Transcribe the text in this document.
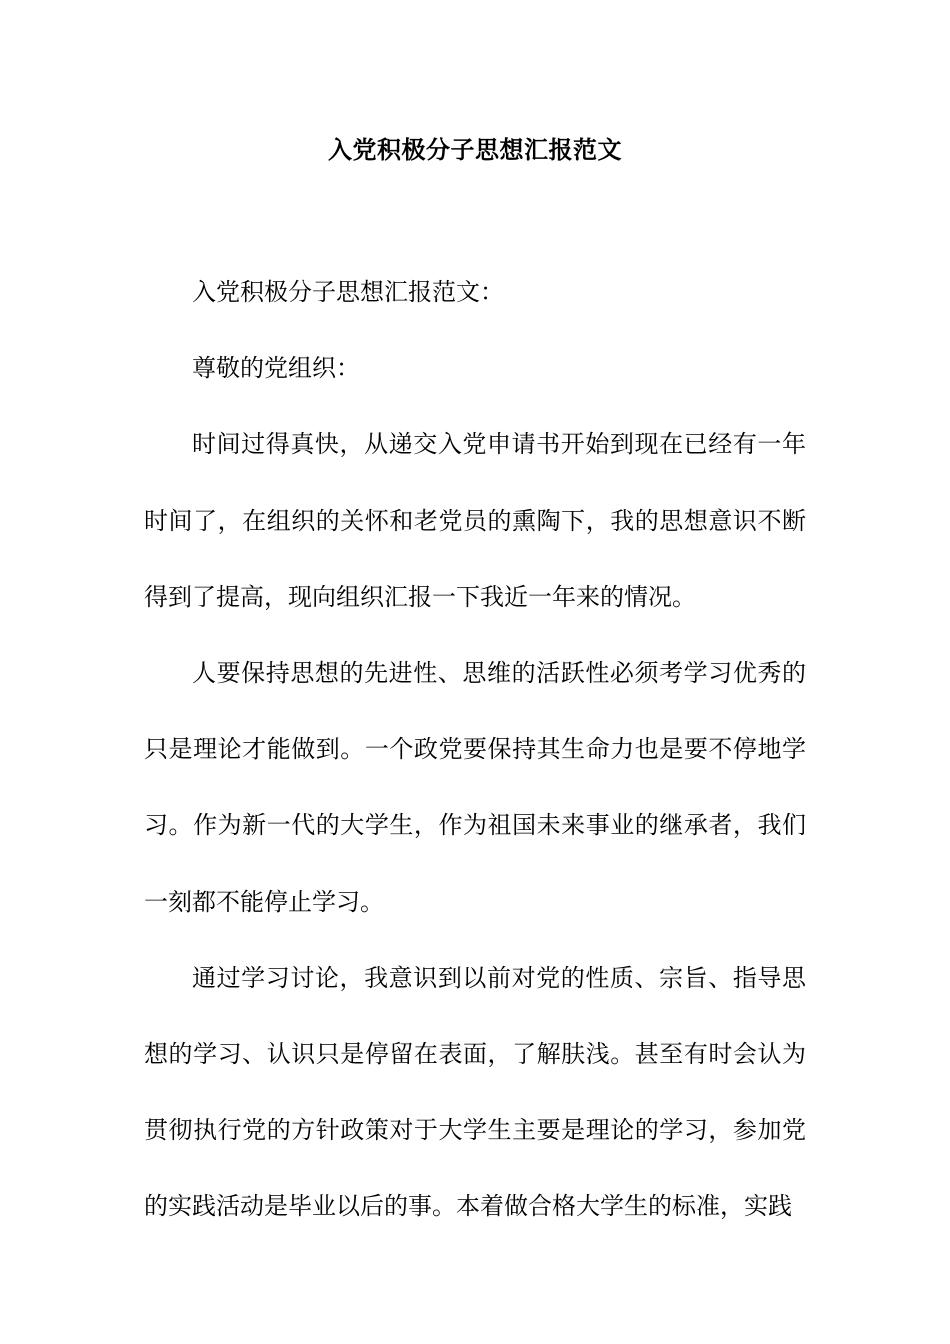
入党积极分子思想汇报范文

入党积极分子思想汇报范文：

尊敬的党组织：

时间过得真快，从递交入党申请书开始到现在已经有一年时间了，在组织的关怀和老党员的熏陶下，我的思想意识不断得到了提高，现向组织汇报一下我近一年来的情况。

人要保持思想的先进性、思维的活跃性必须考学习优秀的只是理论才能做到。一个政党要保持其生命力也是要不停地学习。作为新一代的大学生，作为祖国未来事业的继承者，我们一刻都不能停止学习。

通过学习讨论，我意识到以前对党的性质、宗旨、指导思想的学习、认识只是停留在表面，了解肤浅。甚至有时会认为贯彻执行党的方针政策对于大学生主要是理论的学习，参加党的实践活动是毕业以后的事。本着做合格大学生的标准，实践
